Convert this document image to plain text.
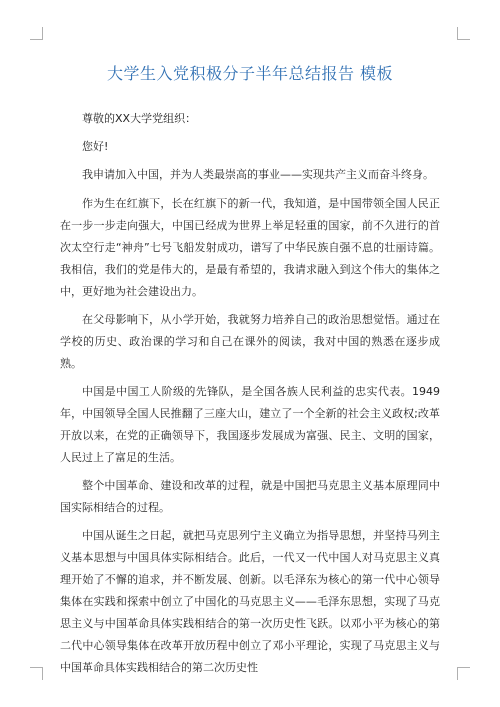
大学生入党积极分子半年总结报告 模板

尊敬的XX大学党组织：

您好!

我申请加入中国，并为人类最崇高的事业——实现共产主义而奋斗终身。

作为生在红旗下，长在红旗下的新一代，我知道，是中国带领全国人民正在一步一步走向强大，中国已经成为世界上举足轻重的国家，前不久进行的首次太空行走“神舟”七号飞船发射成功，谱写了中华民族自强不息的壮丽诗篇。我相信，我们的党是伟大的，是最有希望的，我请求融入到这个伟大的集体之中，更好地为社会建设出力。

在父母影响下，从小学开始，我就努力培养自己的政治思想觉悟。通过在学校的历史、政治课的学习和自己在课外的阅读，我对中国的熟悉在逐步成熟。

中国是中国工人阶级的先锋队，是全国各族人民利益的忠实代表。1949年，中国领导全国人民推翻了三座大山，建立了一个全新的社会主义政权;改革开放以来，在党的正确领导下，我国逐步发展成为富强、民主、文明的国家，人民过上了富足的生活。

整个中国革命、建设和改革的过程，就是中国把马克思主义基本原理同中国实际相结合的过程。

中国从诞生之日起，就把马克思列宁主义确立为指导思想，并坚持马列主义基本思想与中国具体实际相结合。此后，一代又一代中国人对马克思主义真理开始了不懈的追求，并不断发展、创新。以毛泽东为核心的第一代中心领导集体在实践和探索中创立了中国化的马克思主义——毛泽东思想，实现了马克思主义与中国革命具体实践相结合的第一次历史性飞跃。以邓小平为核心的第二代中心领导集体在改革开放历程中创立了邓小平理论，实现了马克思主义与中国革命具体实践相结合的第二次历史性
